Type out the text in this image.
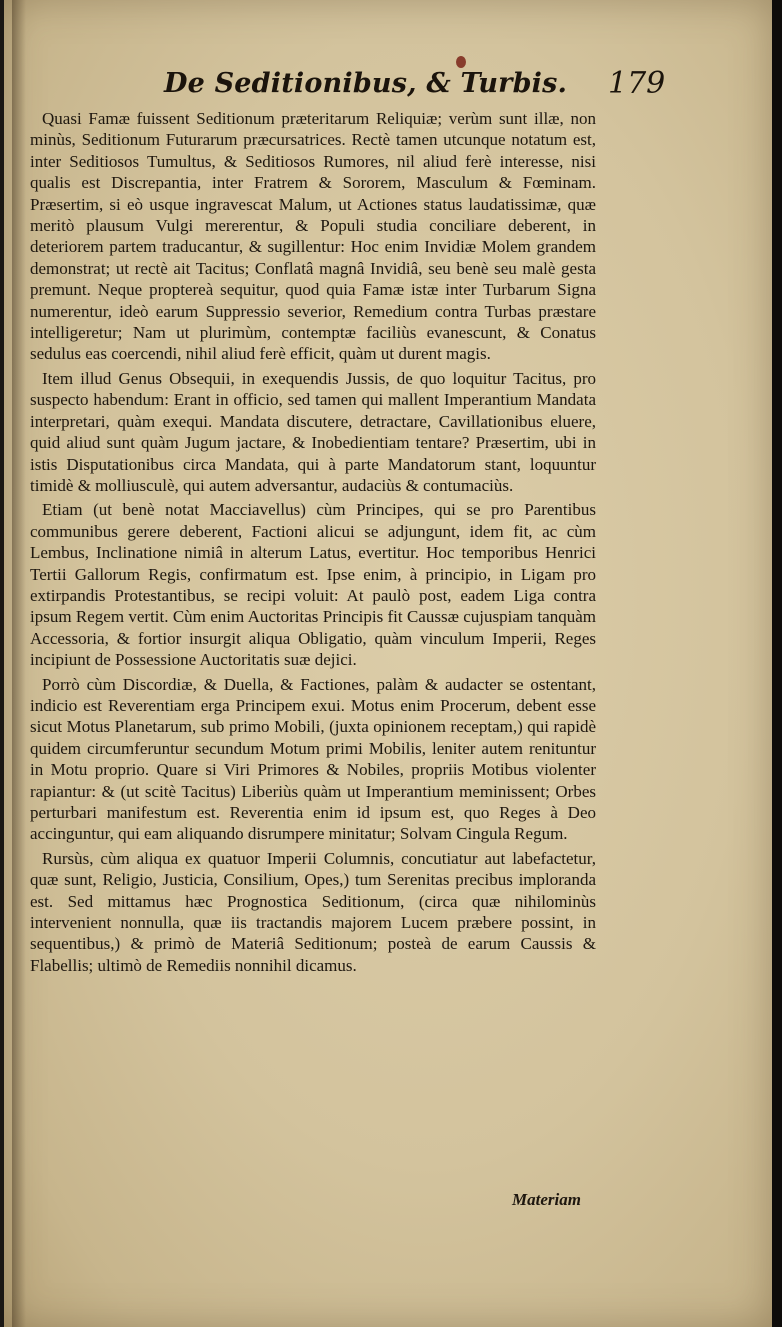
De Seditionibus, & Turbis. 179

Quasi Famæ fuissent Seditionum præteritarum Reliquiæ; verùm sunt illæ, non minùs, Seditionum Futurarum præcursatrices. Rectè tamen utcunque notatum est, inter Seditiosos Tumultus, & Seditiosos Rumores, nil aliud ferè interesse, nisi qualis est Discrepantia, inter Fratrem & Sororem, Masculum & Fœminam. Præsertim, si eò usque ingravescat Malum, ut Actiones status laudatissimæ, quæ meritò plausum Vulgi mererentur, & Populi studia conciliare deberent, in deteriorem partem traducantur, & sugillentur: Hoc enim Invidiæ Molem grandem demonstrat; ut rectè ait Tacitus; Conflatâ magnâ Invidiâ, seu benè seu malè gesta premunt. Neque proptereà sequitur, quod quia Famæ istæ inter Turbarum Signa numerentur, ideò earum Suppressio severior, Remedium contra Turbas præstare intelligeretur; Nam ut plurimùm, contemptæ faciliùs evanescunt, & Conatus sedulus eas coercendi, nihil aliud ferè efficit, quàm ut durent magis.

Item illud Genus Obsequii, in exequendis Jussis, de quo loquitur Tacitus, pro suspecto habendum: Erant in officio, sed tamen qui mallent Imperantium Mandata interpretari, quàm exequi. Mandata discutere, detractare, Cavillationibus eluere, quid aliud sunt quàm Jugum jactare, & Inobedientiam tentare? Præsertim, ubi in istis Disputationibus circa Mandata, qui à parte Mandatorum stant, loquuntur timidè & molliusculè, qui autem adversantur, audaciùs & contumaciùs.

Etiam (ut benè notat Macciavellus) cùm Principes, qui se pro Parentibus communibus gerere deberent, Factioni alicui se adjungunt, idem fit, ac cùm Lembus, Inclinatione nimiâ in alterum Latus, evertitur. Hoc temporibus Henrici Tertii Gallorum Regis, confirmatum est. Ipse enim, à principio, in Ligam pro extirpandis Protestantibus, se recipi voluit: At paulò post, eadem Liga contra ipsum Regem vertit. Cùm enim Auctoritas Principis fit Caussæ cujuspiam tanquàm Accessoria, & fortior insurgit aliqua Obligatio, quàm vinculum Imperii, Reges incipiunt de Possessione Auctoritatis suæ dejici.

Porrò cùm Discordiæ, & Duella, & Factiones, palàm & audacter se ostentant, indicio est Reverentiam erga Principem exui. Motus enim Procerum, debent esse sicut Motus Planetarum, sub primo Mobili, (juxta opinionem receptam,) qui rapidè quidem circumferuntur secundum Motum primi Mobilis, leniter autem renituntur in Motu proprio. Quare si Viri Primores & Nobiles, propriis Motibus violenter rapiantur: & (ut scitè Tacitus) Liberiùs quàm ut Imperantium meminissent; Orbes perturbari manifestum est. Reverentia enim id ipsum est, quo Reges à Deo accinguntur, qui eam aliquando disrumpere minitatur; Solvam Cingula Regum.

Rursùs, cùm aliqua ex quatuor Imperii Columnis, concutiatur aut labefactetur, quæ sunt, Religio, Justicia, Consilium, Opes,) tum Serenitas precibus imploranda est. Sed mittamus hæc Prognostica Seditionum, (circa quæ nihilominùs intervenient nonnulla, quæ iis tractandis majorem Lucem præbere possint, in sequentibus,) & primò de Materiâ Seditionum; posteà de earum Caussis & Flabellis; ultimò de Remediis nonnihil dicamus.

Materiam
